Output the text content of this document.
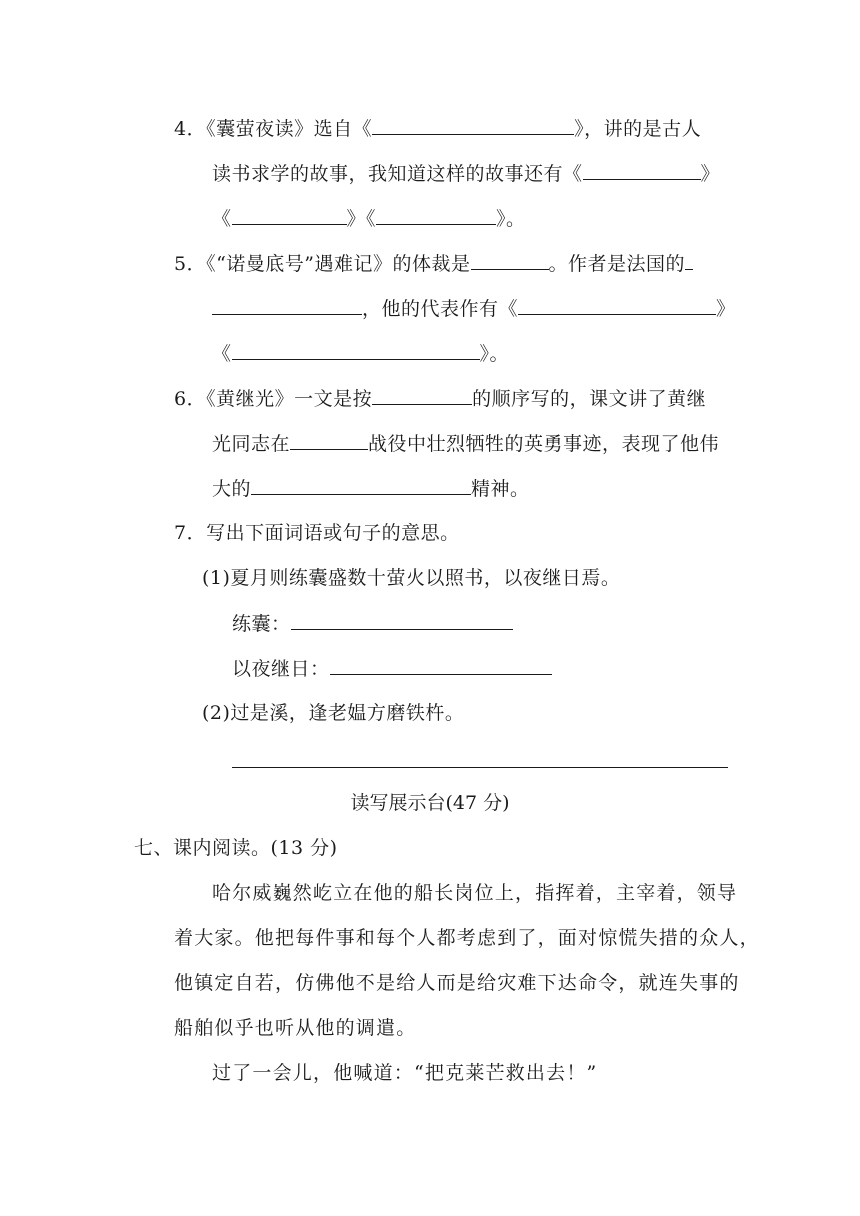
4．《囊萤夜读》选自《	》，讲的是古人
读书求学的故事，我知道这样的故事还有《	》
《	》《	》。
5．《“诺曼底号”遇难记》的体裁是	。作者是法国的
，他的代表作有《	》
《	》。
6．《黄继光》一文是按	的顺序写的，课文讲了黄继
光同志在	战役中壮烈牺牲的英勇事迹，表现了他伟
大的	精神。
7．写出下面词语或句子的意思。
(1)夏月则练囊盛数十萤火以照书，以夜继日焉。
练囊：
以夜继日：
(2)过是溪，逢老媪方磨铁杵。
读写展示台(47 分)
七、课内阅读。(13 分)
哈尔威巍然屹立在他的船长岗位上，指挥着，主宰着，领导
着大家。他把每件事和每个人都考虑到了，面对惊慌失措的众人，
他镇定自若，仿佛他不是给人而是给灾难下达命令，就连失事的
船舶似乎也听从他的调遣。
过了一会儿，他喊道：“把克莱芒救出去！”
